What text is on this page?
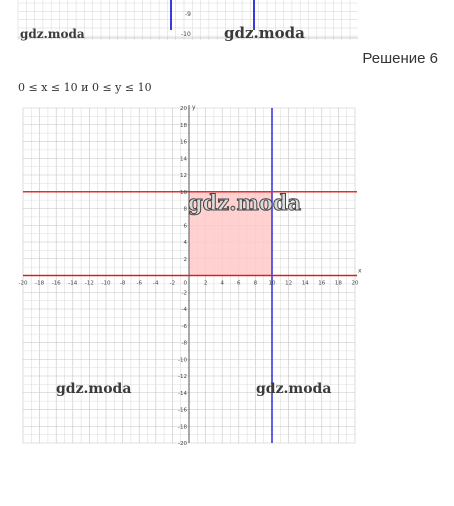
-9
-10
gdz.moda	gdz.moda
Решение 6
0 ≤ x ≤ 10 и 0 ≤ y ≤ 10
x
y
-20 -18 -16 -14 -12 -10 -8 -6 -4 -2	2 4 6 8 10 12 14 16 18 20
20
18
16
14
12
10
8
6
4
2
-2
-4
-6
-8
-10
-12
-14
-16
-18
-20
0
gdz.moda
gdz.moda	gdz.moda
